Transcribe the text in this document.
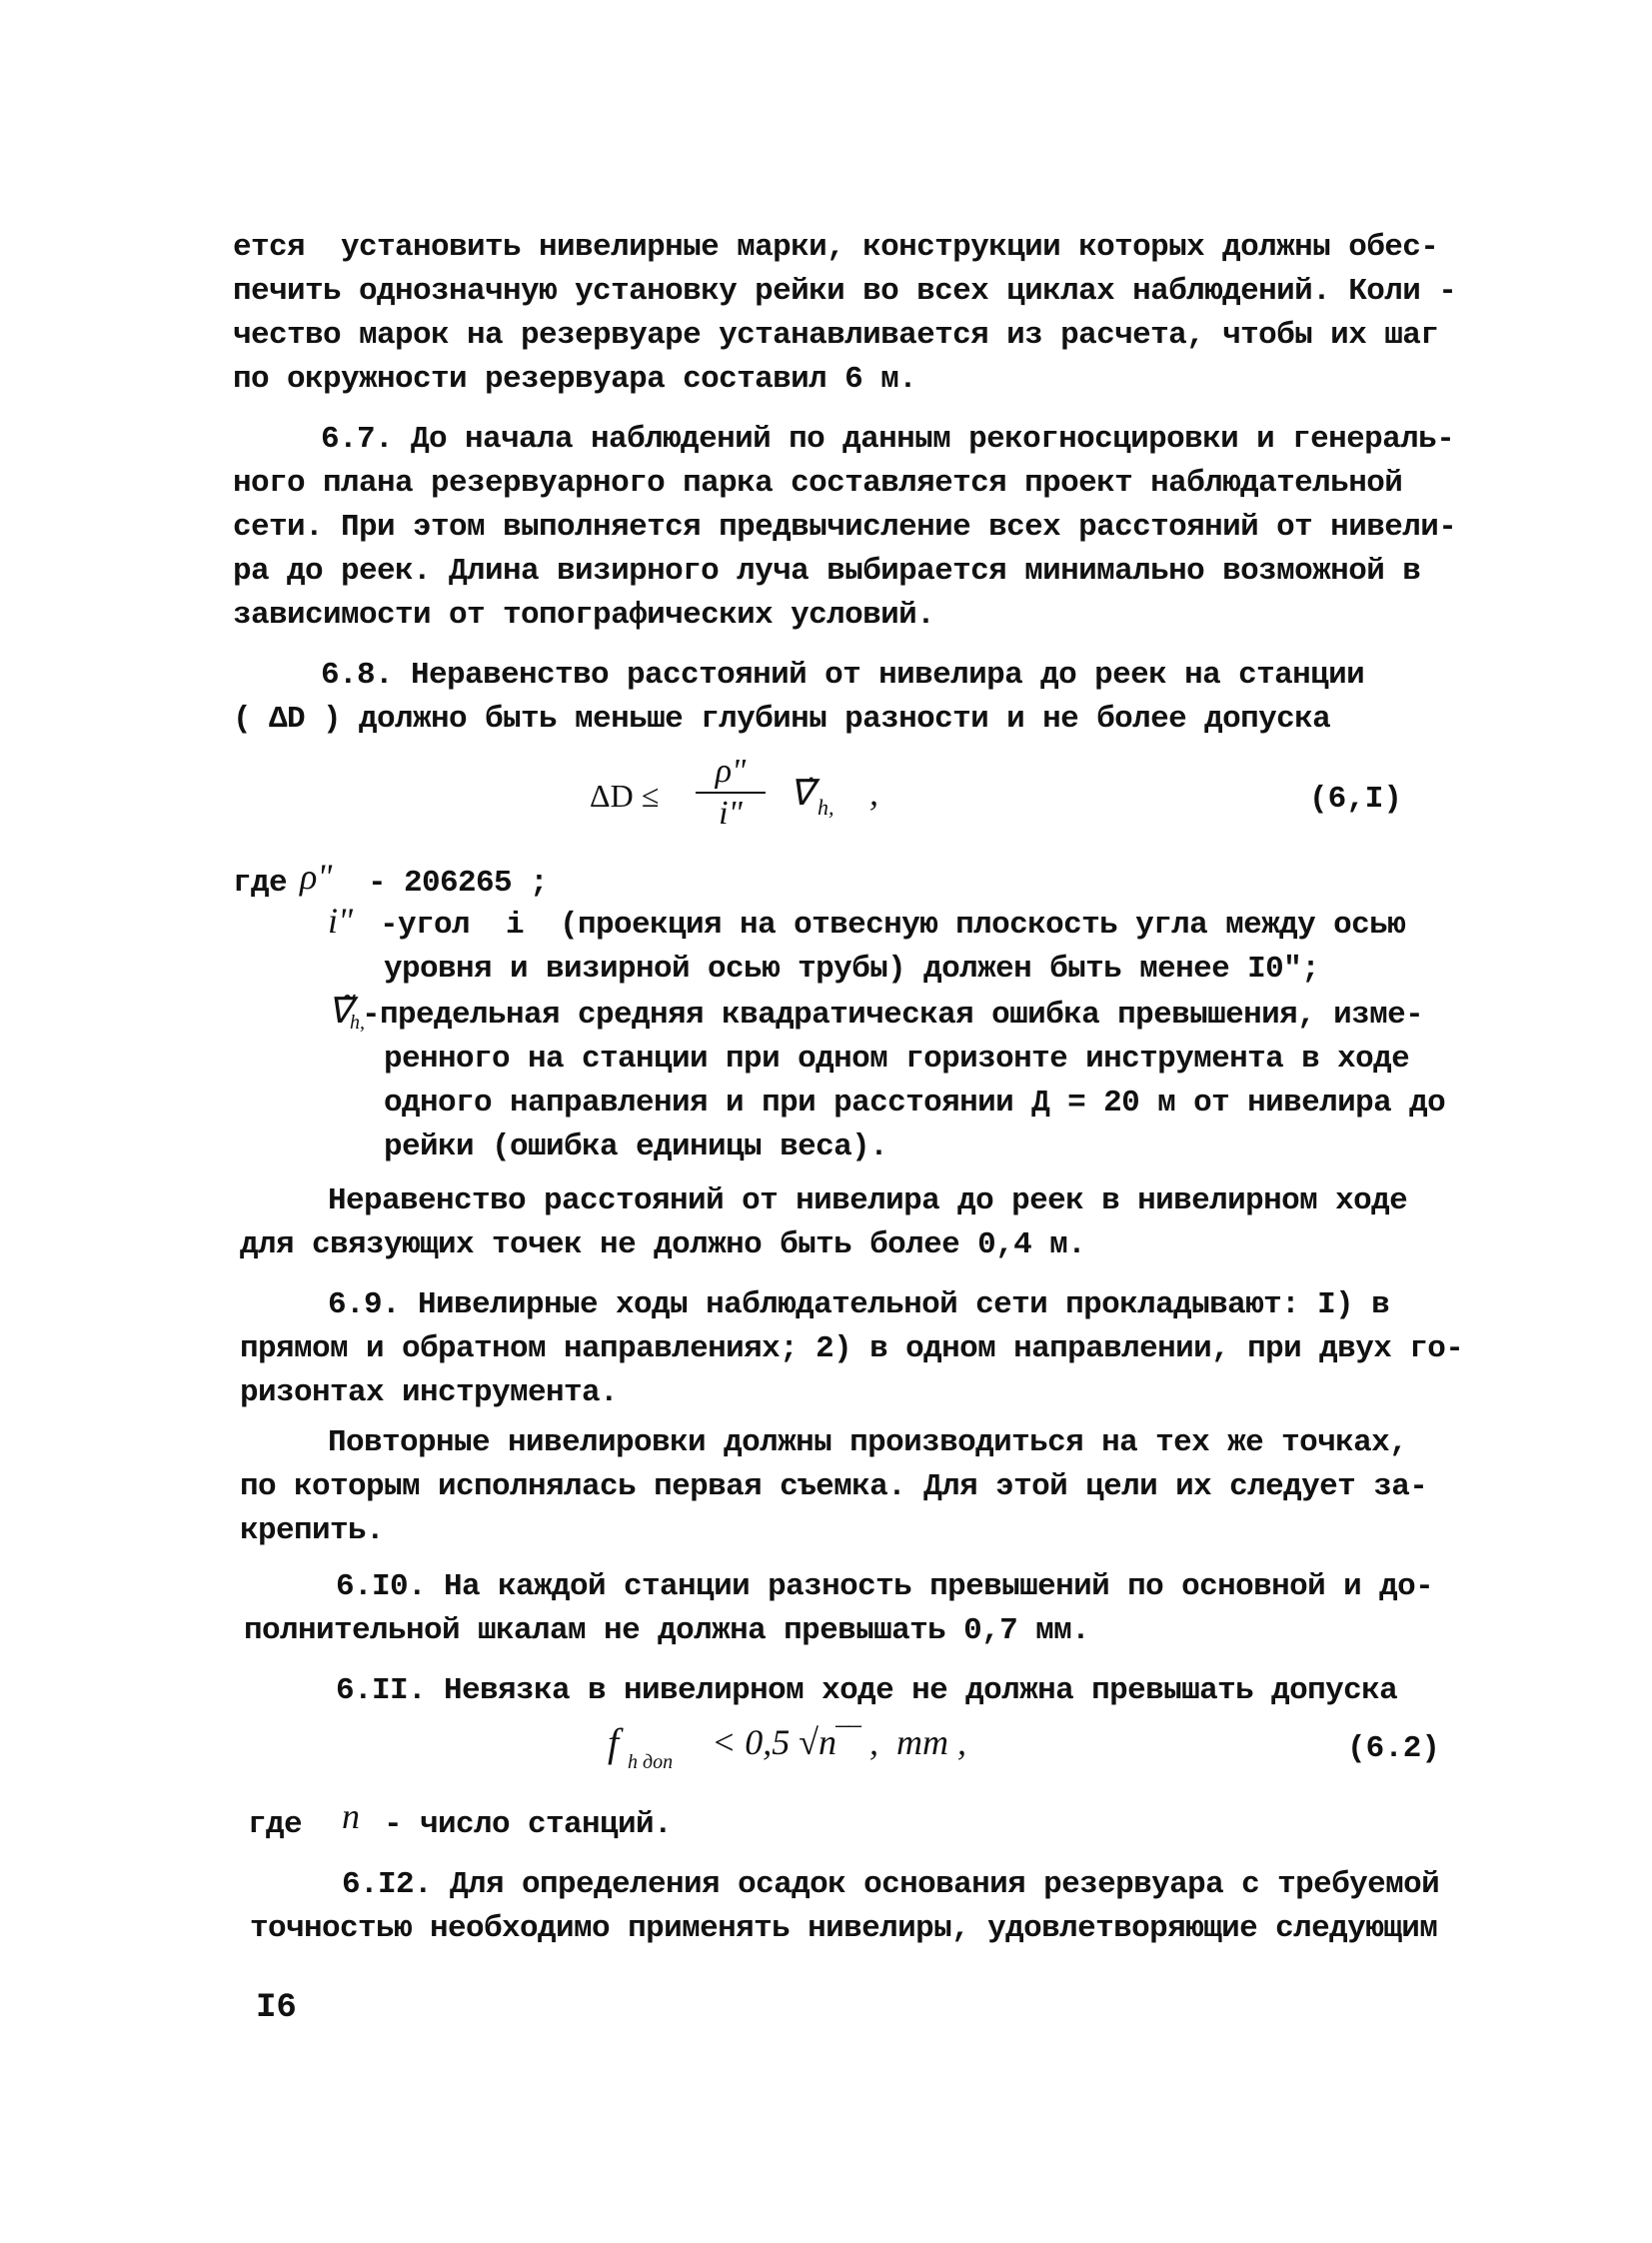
ется  установить нивелирные марки, конструкции которых должны обес-

печить однозначную установку рейки во всех циклах наблюдений. Коли -

чество марок на резервуаре устанавливается из расчета, чтобы их шаг

по окружности резервуара составил 6 м.

6.7. До начала наблюдений по данным рекогносцировки и генераль-

ного плана резервуарного парка составляется проект наблюдательной

сети. При этом выполняется предвычисление всех расстояний от нивели-

ра до реек. Длина визирного луча выбирается минимально возможной в

зависимости от топографических условий.

6.8. Неравенство расстояний от нивелира до реек на станции

( ΔD ) должно быть меньше глубины разности и не более допуска

ΔD ≤
ρ"
i"
∇̇ h, ,	(6,I)

где ρ" - 206265 ;

i" -угол  i  (проекция на отвесную плоскость угла между осью

уровня и визирной осью трубы) должен быть менее I0";

∇̃
h,

-предельная средняя квадратическая ошибка превышения, изме-

ренного на станции при одном горизонте инструмента в ходе

одного направления и при расстоянии Д = 20 м от нивелира до

рейки (ошибка единицы веса).

Неравенство расстояний от нивелира до реек в нивелирном ходе

для связующих точек не должно быть более 0,4 м.

6.9. Нивелирные ходы наблюдательной сети прокладывают: I) в

прямом и обратном направлениях; 2) в одном направлении, при двух го-

ризонтах инструмента.

Повторные нивелировки должны производиться на тех же точках,

по которым исполнялась первая съемка. Для этой цели их следует за-

крепить.

6.I0. На каждой станции разность превышений по основной и до-

полнительной шкалам не должна превышать 0,7 мм.

6.II. Невязка в нивелирном ходе не должна превышать допуска

f h доп < 0,5 √n‾‾ ,  mm ,	(6.2)

где n - число станций.

6.I2. Для определения осадок основания резервуара с требуемой

точностью необходимо применять нивелиры, удовлетворяющие следующим

I6
